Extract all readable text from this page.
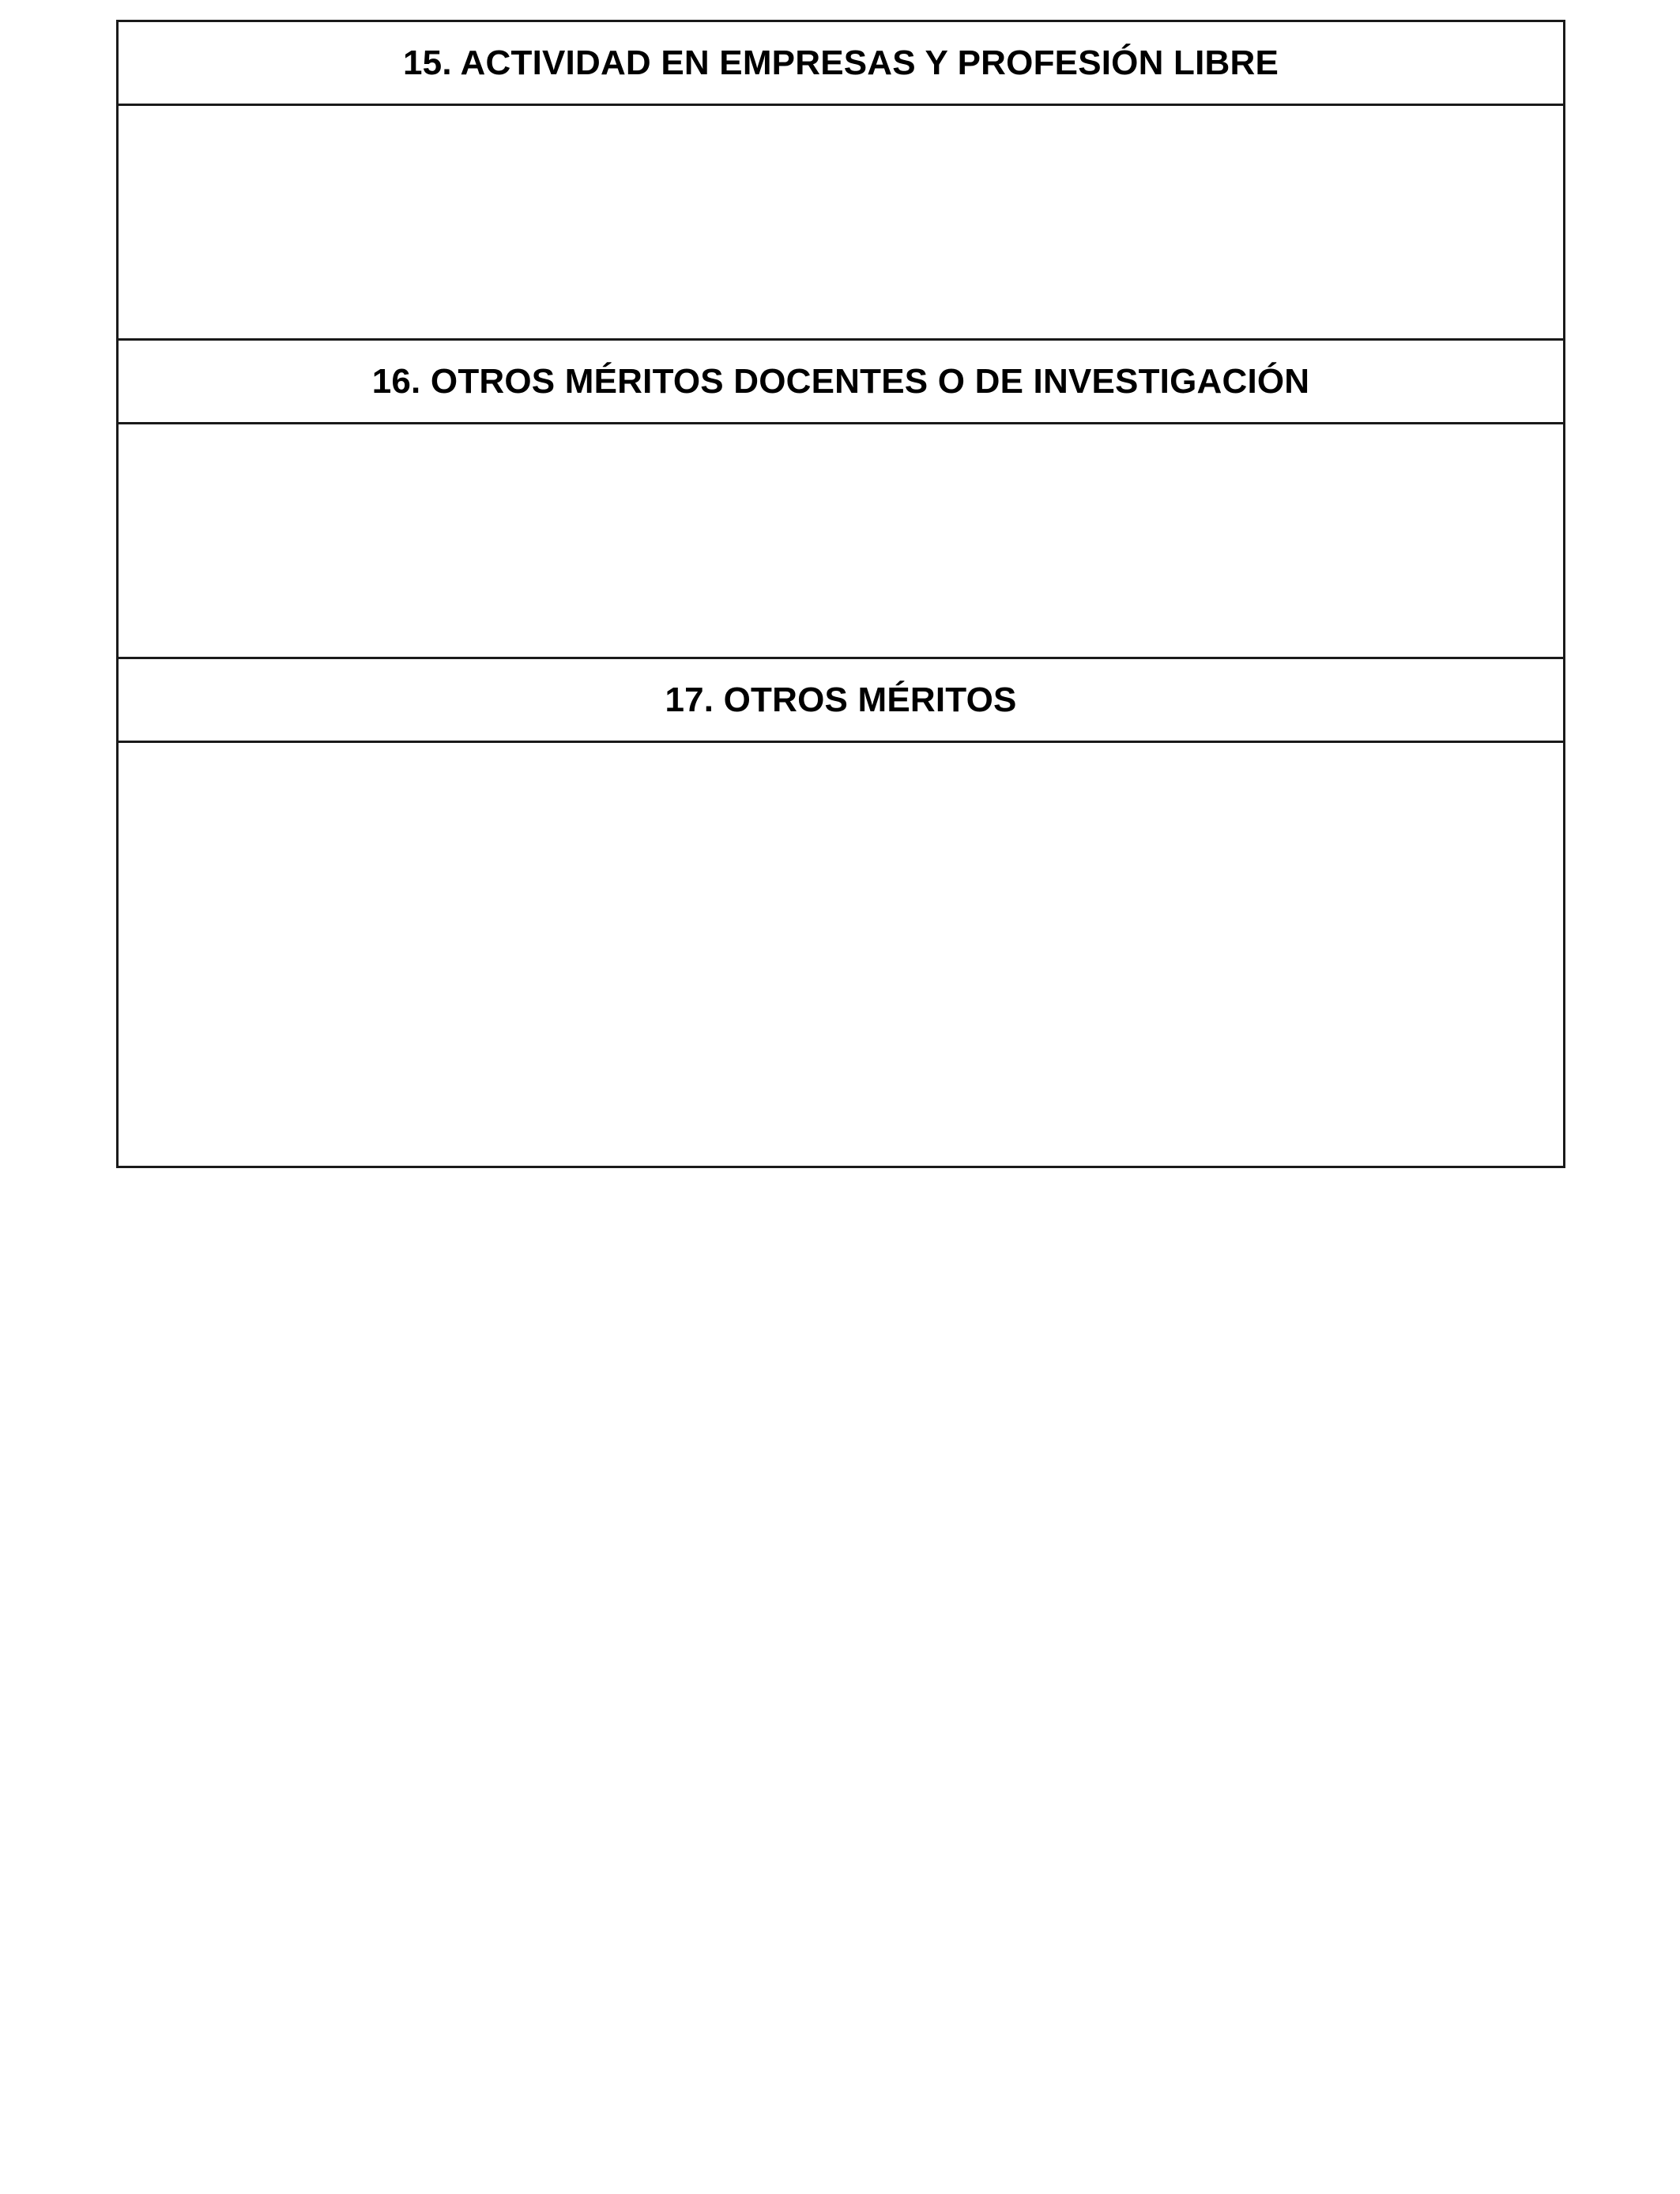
15. ACTIVIDAD EN EMPRESAS Y PROFESIÓN LIBRE
16. OTROS MÉRITOS DOCENTES O DE INVESTIGACIÓN
17. OTROS MÉRITOS
